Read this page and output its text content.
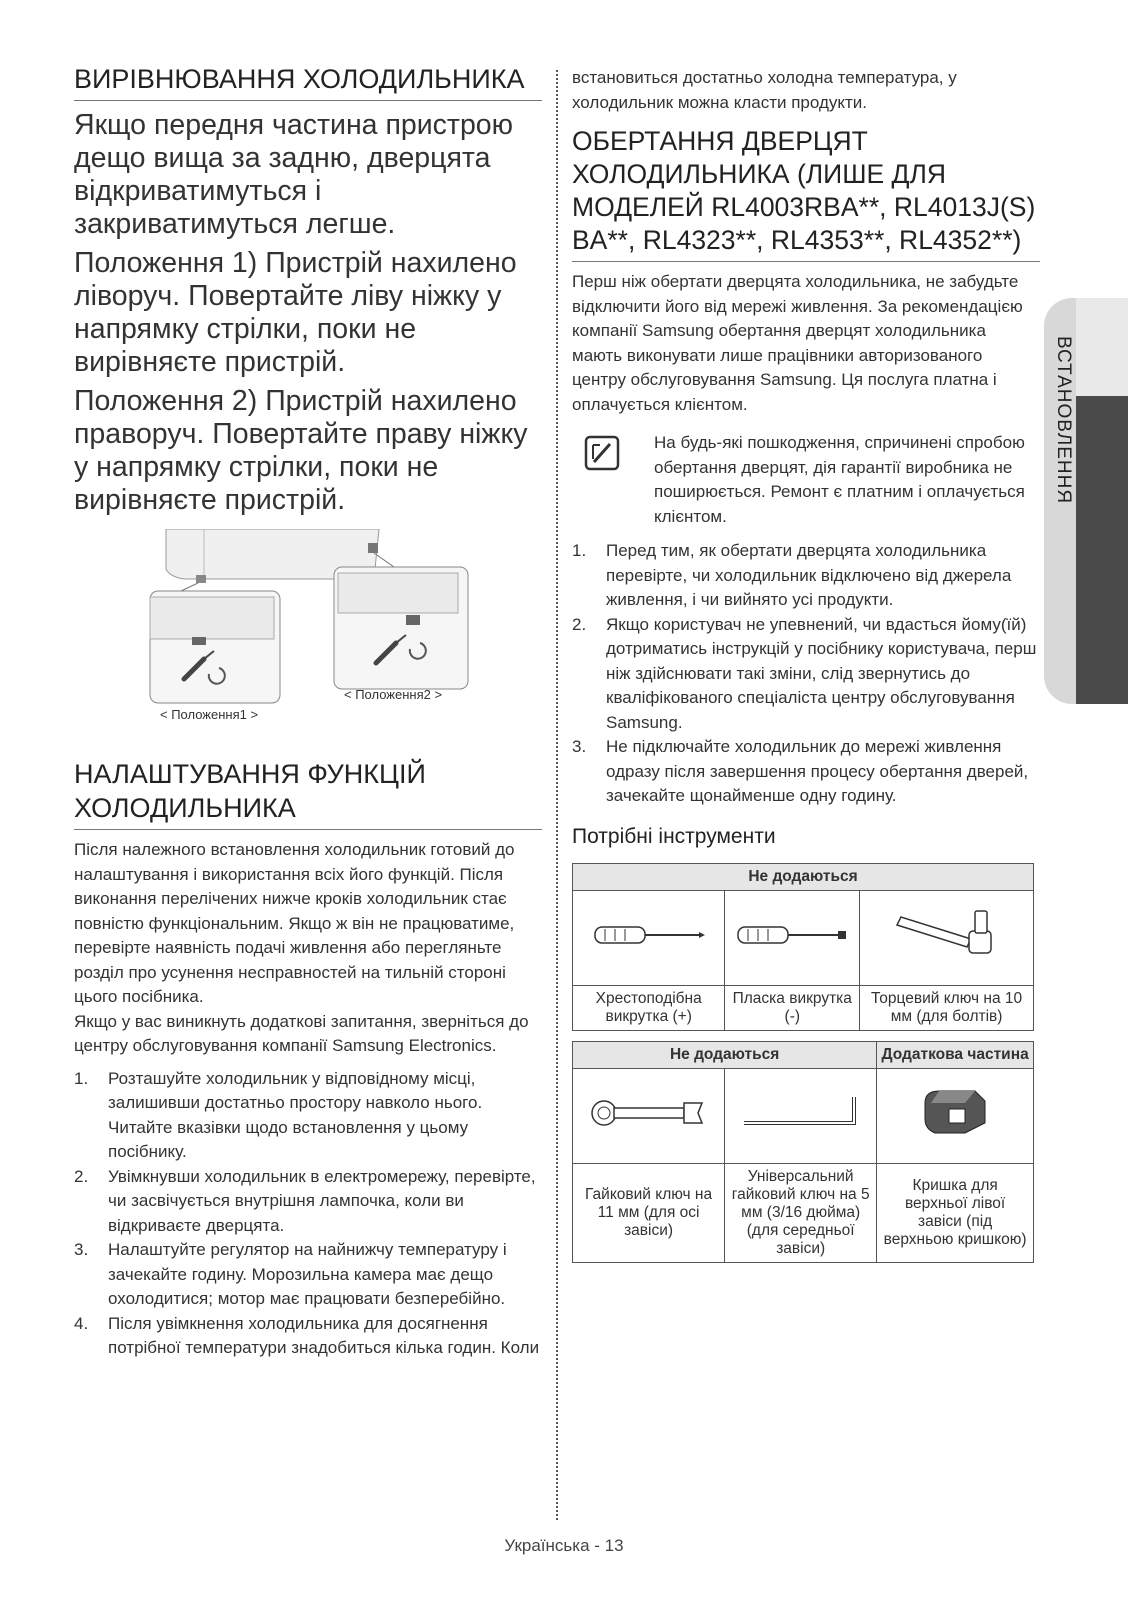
ВИРІВНЮВАННЯ ХОЛОДИЛЬНИКА

Якщо передня частина пристрою дещо вища за задню, дверцята відкриватимуться і закриватимуться легше.

Положення 1) Пристрій нахилено ліворуч. Повертайте ліву ніжку у напрямку стрілки, поки не вирівняєте пристрій.

Положення 2) Пристрій нахилено праворуч. Повертайте праву ніжку у напрямку стрілки, поки не вирівняєте пристрій.

< Положення1 >
< Положення2 >
НАЛАШТУВАННЯ ФУНКЦІЙ
ХОЛОДИЛЬНИКА

Після належного встановлення холодильник готовий до налаштування і використання всіх його функцій. Після виконання перелічених нижче кроків холодильник стає повністю функціональним. Якщо ж він не працюватиме, перевірте наявність подачі живлення або перегляньте розділ про усунення несправностей на тильній стороні цього посібника.

Якщо у вас виникнуть додаткові запитання, зверніться до центру обслуговування компанії Samsung Electronics.

1. Розташуйте холодильник у відповідному місці, залишивши достатньо простору навколо нього. Читайте вказівки щодо встановлення у цьому посібнику.
2. Увімкнувши холодильник в електромережу, перевірте, чи засвічується внутрішня лампочка, коли ви відкриваєте дверцята.
3. Налаштуйте регулятор на найнижчу температуру і зачекайте годину. Морозильна камера має дещо охолодитися; мотор має працювати безперебійно.
4. Після увімкнення холодильника для досягнення потрібної температури знадобиться кілька годин. Коли

встановиться достатньо холодна температура, у холодильник можна класти продукти.

ОБЕРТАННЯ ДВЕРЦЯТ ХОЛОДИЛЬНИКА (ЛИШЕ ДЛЯ МОДЕЛЕЙ RL4003RBA**, RL4013J(S) BA**, RL4323**, RL4353**, RL4352**)

Перш ніж обертати дверцята холодильника, не забудьте відключити його від мережі живлення. За рекомендацією компанії Samsung обертання дверцят холодильника мають виконувати лише працівники авторизованого центру обслуговування Samsung. Ця послуга платна і оплачується клієнтом.

На будь-які пошкодження, спричинені спробою обертання дверцят, дія гарантії виробника не поширюється. Ремонт є платним і оплачується клієнтом.

1. Перед тим, як обертати дверцята холодильника перевірте, чи холодильник відключено від джерела живлення, і чи вийнято усі продукти.
2. Якщо користувач не упевнений, чи вдасться йому(їй) дотриматись інструкцій у посібнику користувача, перш ніж здійснювати такі зміни, слід звернутись до кваліфікованого спеціаліста центру обслуговування Samsung.
3. Не підключайте холодильник до мережі живлення одразу після завершення процесу обертання дверей, зачекайте щонайменше одну годину.
Потрібні інструменти
Не додаються		

Хрестоподібна викрутка (+)	Пласка викрутка (-)	Торцевий ключ на 10 мм (для болтів)
Не додаються		Додаткова частина

Гайковий ключ на 11 мм (для осі завіси)	Універсальний гайковий ключ на 5 мм (3/16 дюйма) (для середньої завіси)	Кришка для верхньої лівої завіси (під верхньою кришкою)
ВСТАНОВЛЕННЯ
Українська - 13
